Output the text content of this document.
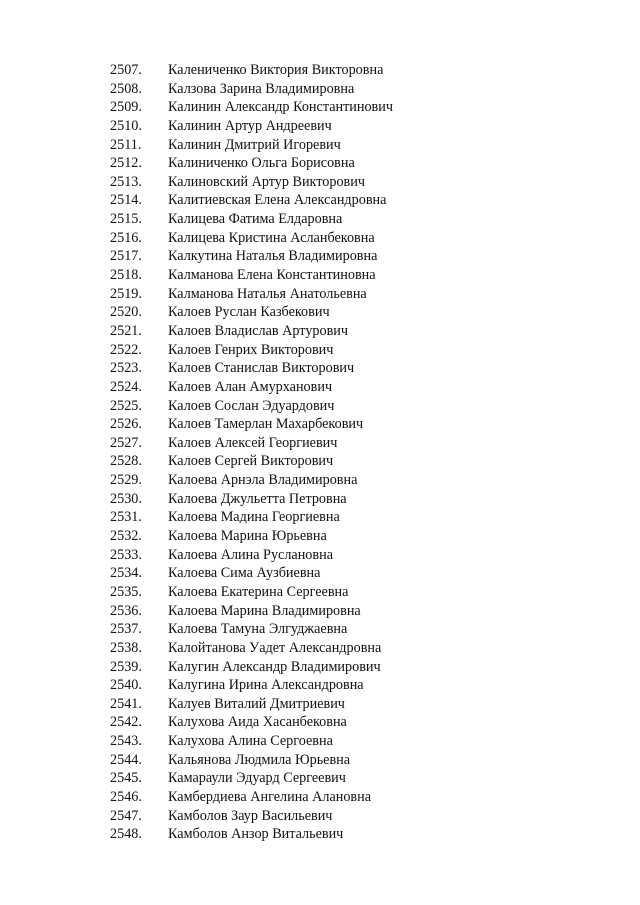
2507.	Калениченко Виктория Викторовна
2508.	Калзова Зарина Владимировна
2509.	Калинин Александр Константинович
2510.	Калинин Артур Андреевич
2511.	Калинин Дмитрий Игоревич
2512.	Калиниченко Ольга Борисовна
2513.	Калиновский Артур Викторович
2514.	Калитиевская Елена Александровна
2515.	Калицева Фатима Елдаровна
2516.	Калицева Кристина Асланбековна
2517.	Калкутина Наталья Владимировна
2518.	Калманова Елена Константиновна
2519.	Калманова Наталья Анатольевна
2520.	Калоев Руслан Казбекович
2521.	Калоев Владислав Артурович
2522.	Калоев Генрих Викторович
2523.	Калоев Станислав Викторович
2524.	Калоев Алан Амурханович
2525.	Калоев Сослан Эдуардович
2526.	Калоев Тамерлан Махарбекович
2527.	Калоев Алексей Георгиевич
2528.	Калоев Сергей Викторович
2529.	Калоева Арнэла Владимировна
2530.	Калоева Джульетта Петровна
2531.	Калоева Мадина Георгиевна
2532.	Калоева Марина Юрьевна
2533.	Калоева Алина Руслановна
2534.	Калоева Сима Аузбиевна
2535.	Калоева Екатерина Сергеевна
2536.	Калоева Марина Владимировна
2537.	Калоева Тамуна Элгуджаевна
2538.	Калойтанова Уадет Александровна
2539.	Калугин Александр Владимирович
2540.	Калугина Ирина Александровна
2541.	Калуев Виталий Дмитриевич
2542.	Калухова Аида Хасанбековна
2543.	Калухова Алина Сергоевна
2544.	Кальянова Людмила Юрьевна
2545.	Камараули Эдуард Сергеевич
2546.	Камбердиева Ангелина Алановна
2547.	Камболов Заур Васильевич
2548.	Камболов Анзор Витальевич
